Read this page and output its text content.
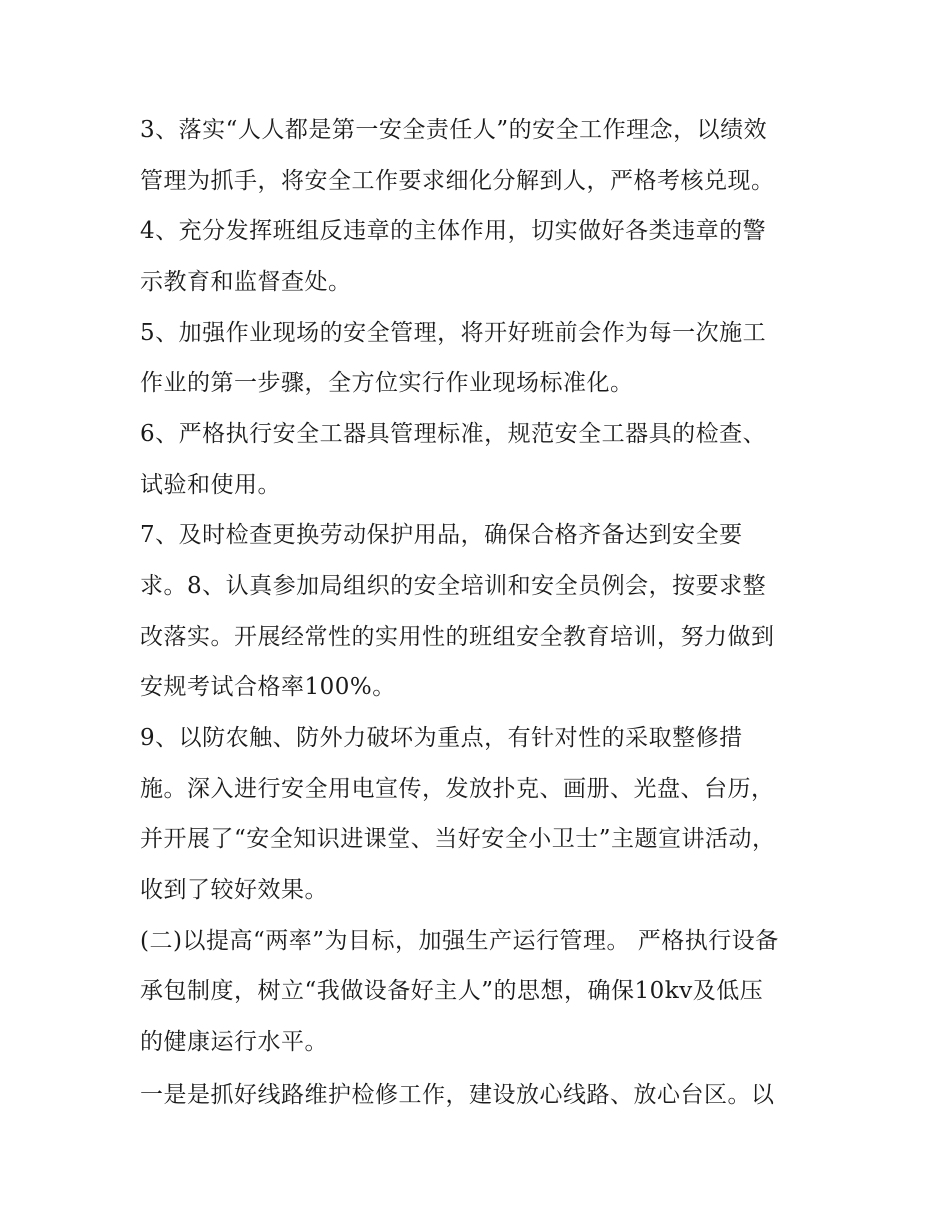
3、落实“人人都是第一安全责任人”的安全工作理念，以绩效
管理为抓手，将安全工作要求细化分解到人，严格考核兑现。
4、充分发挥班组反违章的主体作用，切实做好各类违章的警
示教育和监督查处。
5、加强作业现场的安全管理，将开好班前会作为每一次施工
作业的第一步骤，全方位实行作业现场标准化。
6、严格执行安全工器具管理标准，规范安全工器具的检查、
试验和使用。
7、及时检查更换劳动保护用品，确保合格齐备达到安全要
求。8、认真参加局组织的安全培训和安全员例会，按要求整
改落实。开展经常性的实用性的班组安全教育培训，努力做到
安规考试合格率100%。
9、以防农触、防外力破坏为重点，有针对性的采取整修措
施。深入进行安全用电宣传，发放扑克、画册、光盘、台历，
并开展了“安全知识进课堂、当好安全小卫士”主题宣讲活动，
收到了较好效果。
(二)以提高“两率”为目标，加强生产运行管理。 严格执行设备
承包制度，树立“我做设备好主人”的思想，确保10kv及低压
的健康运行水平。
一是是抓好线路维护检修工作，建设放心线路、放心台区。以
